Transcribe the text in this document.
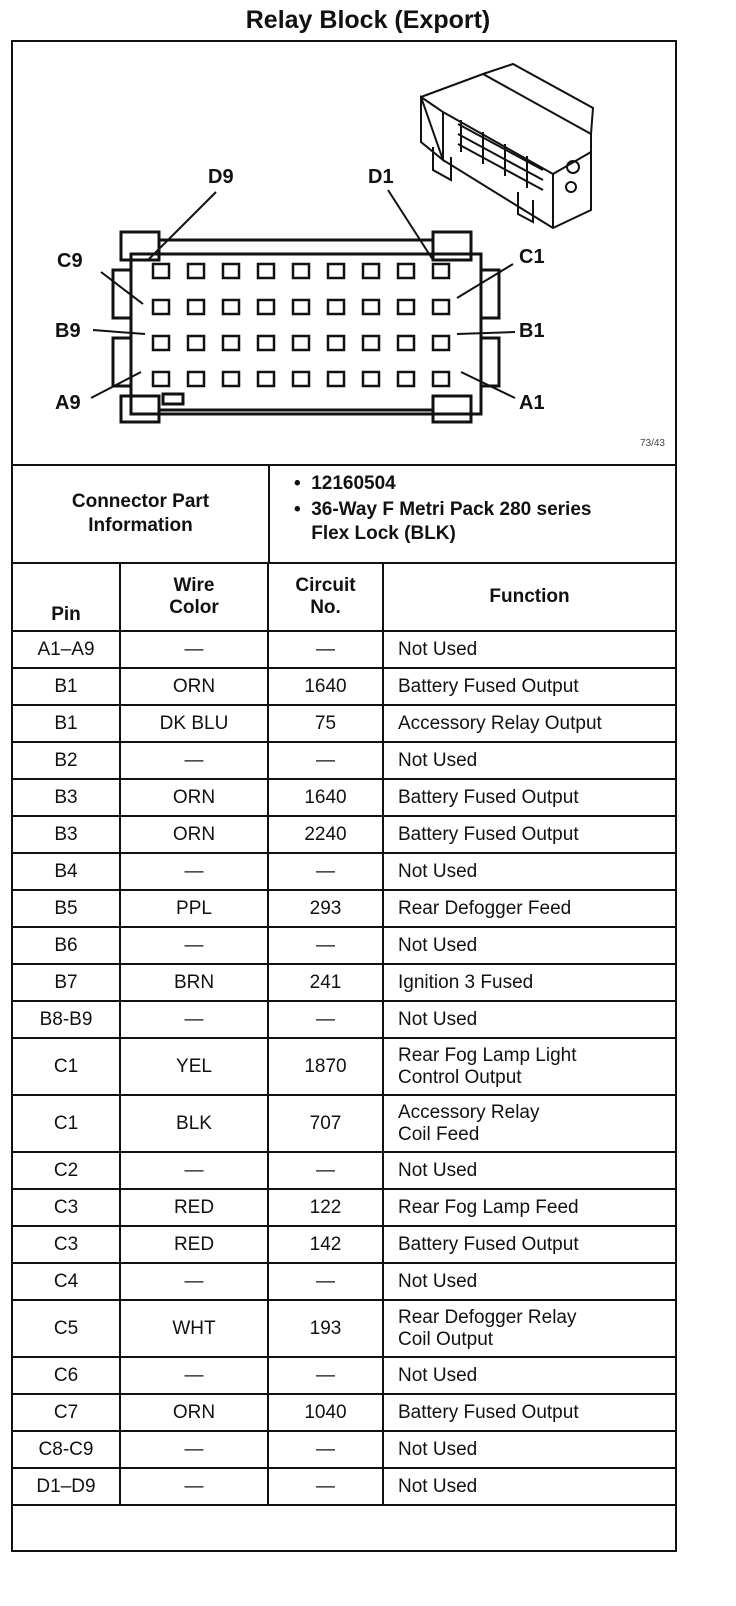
Relay Block (Export)
D9	D1
C9	C1
B9	B1
A9	A1
73/43
Connector Part Information
•  12160504
•  36-Way F Metri Pack 280 series Flex Lock (BLK)
Pin	Wire Color	Circuit No.	Function
A1–A9	—	—	Not Used

B1	ORN	1640	Battery Fused Output

B1	DK BLU	75	Accessory Relay Output

B2	—	—	Not Used

B3	ORN	1640	Battery Fused Output

B3	ORN	2240	Battery Fused Output

B4	—	—	Not Used

B5	PPL	293	Rear Defogger Feed

B6	—	—	Not Used

B7	BRN	241	Ignition 3 Fused

B8-B9	—	—	Not Used

C1	YEL	1870	Rear Fog Lamp Light
Control Output

C1	BLK	707	Accessory Relay
Coil Feed

C2	—	—	Not Used

C3	RED	122	Rear Fog Lamp Feed

C3	RED	142	Battery Fused Output

C4	—	—	Not Used

C5	WHT	193	Rear Defogger Relay
Coil Output

C6	—	—	Not Used

C7	ORN	1040	Battery Fused Output

C8-C9	—	—	Not Used

D1–D9	—	—	Not Used
